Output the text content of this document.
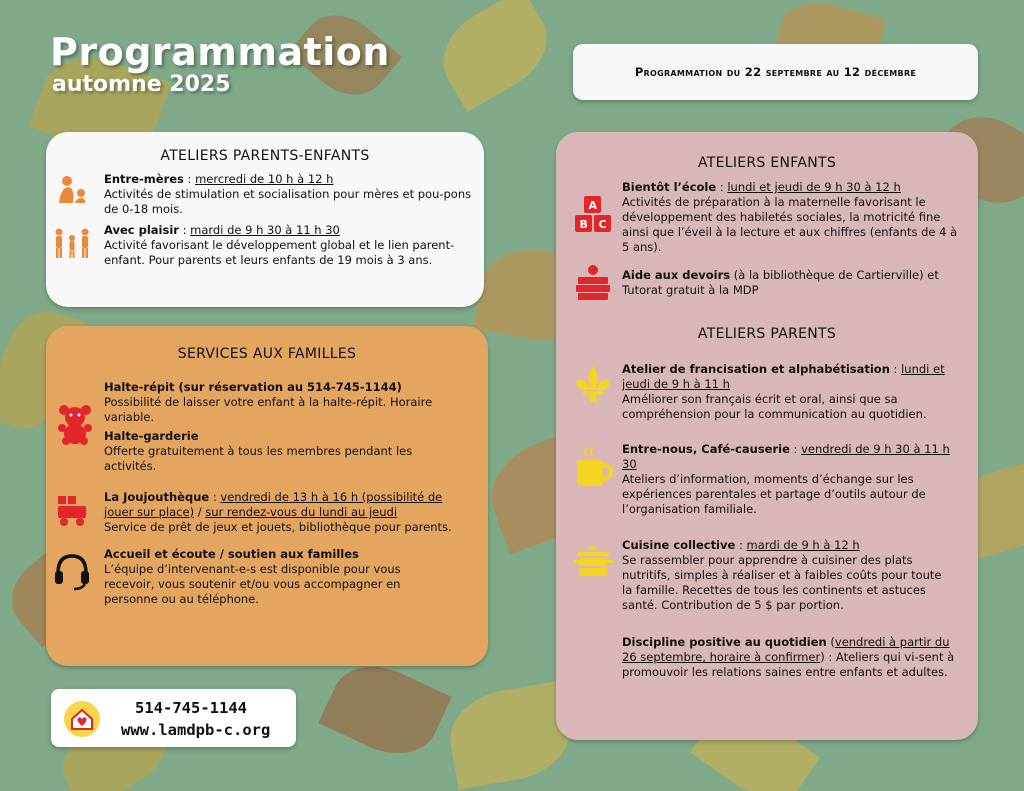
Programmation
automne 2025	Programmation du 22 septembre au 12 décembre
ATELIERS PARENTS-ENFANTS
Entre-mères : mercredi de 10 h à 12 h
Activités de stimulation et socialisation pour mères et pou-pons de 0-18 mois.
Avec plaisir : mardi de 9 h 30 à 11 h 30
Activité favorisant le développement global et le lien parent-enfant. Pour parents et leurs enfants de 19 mois à 3 ans.
SERVICES AUX FAMILLES
Halte-répit (sur réservation au 514-745-1144)
Possibilité de laisser votre enfant à la halte-répit. Horaire variable.
Halte-garderie
Offerte gratuitement à tous les membres pendant les activités.
La Joujouthèque : vendredi de 13 h à 16 h (possibilité de jouer sur place) / sur rendez-vous du lundi au jeudi
Service de prêt de jeux et jouets, bibliothèque pour parents.
Accueil et écoute / soutien aux familles
L’équipe d’intervenant-e-s est disponible pour vous recevoir, vous soutenir et/ou vous accompagner en personne ou au téléphone.
ATELIERS ENFANTS
A
B C
Bientôt l’école : lundi et jeudi de 9 h 30 à 12 h
Activités de préparation à la maternelle favorisant le développement des habiletés sociales, la motricité fine ainsi que l’éveil à la lecture et aux chiffres (enfants de 4 à 5 ans).
Aide aux devoirs (à la bibliothèque de Cartierville) et Tutorat gratuit à la MDP
ATELIERS PARENTS
Atelier de francisation et alphabétisation : lundi et jeudi de 9 h à 11 h
Améliorer son français écrit et oral, ainsi que sa compréhension pour la communication au quotidien.
Entre-nous, Café-causerie : vendredi de 9 h 30 à 11 h 30
Ateliers d’information, moments d’échange sur les expériences parentales et partage d’outils autour de l’organisation familiale.
Cuisine collective : mardi de 9 h à 12 h
Se rassembler pour apprendre à cuisiner des plats nutritifs, simples à réaliser et à faibles coûts pour toute la famille. Recettes de tous les continents et astuces santé. Contribution de 5 $ par portion.
Discipline positive au quotidien (vendredi à partir du 26 septembre, horaire à confirmer) : Ateliers qui vi-sent à promouvoir les relations saines entre enfants et adultes.
514-745-1144
www.lamdpb-c.org
